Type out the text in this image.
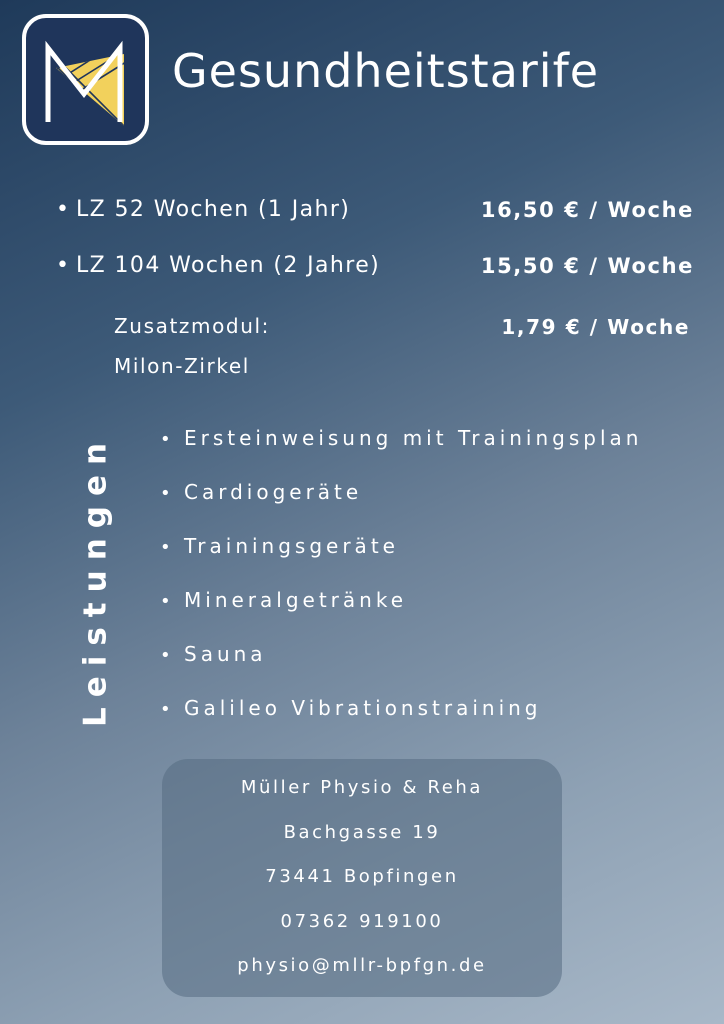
Gesundheitstarife
• LZ 52 Wochen (1 Jahr)	16,50 € / Woche
• LZ 104 Wochen (2 Jahre)	15,50 € / Woche
Zusatzmodul:
Milon-Zirkel
1,79 € / Woche
Leistungen	• Ersteinweisung mit Trainingsplan
• Cardiogeräte
• Trainingsgeräte
• Mineralgetränke
• Sauna
• Galileo Vibrationstraining
Müller Physio & Reha
Bachgasse 19
73441 Bopfingen
07362 919100
physio@mllr-bpfgn.de
